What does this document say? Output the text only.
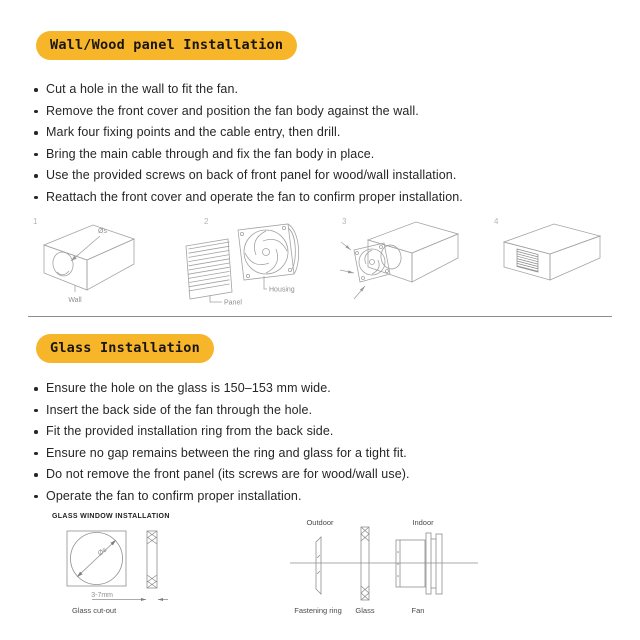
Wall/Wood panel Installation
Cut a hole in the wall to fit the fan.
Remove the front cover and position the fan body against the wall.
Mark four fixing points and the cable entry, then drill.
Bring the main cable through and fix the fan body in place.
Use the provided screws on back of front panel for wood/wall installation.
Reattach the front cover and operate the fan to confirm proper installation.
1
Øs
Wall
2
Housing
Panel
3	4
Glass Installation
Ensure the hole on the glass is 150–153 mm wide.
Insert the back side of the fan through the hole.
Fit the provided installation ring from the back side.
Ensure no gap remains between the ring and glass for a tight fit.
Do not remove the front panel (its screws are for wood/wall use).
Operate the fan to confirm proper installation.
GLASS WINDOW INSTALLATION
Øs
3-7mm
Glass cut-out
Outdoor	Indoor
Fastening ring Glass	Fan
